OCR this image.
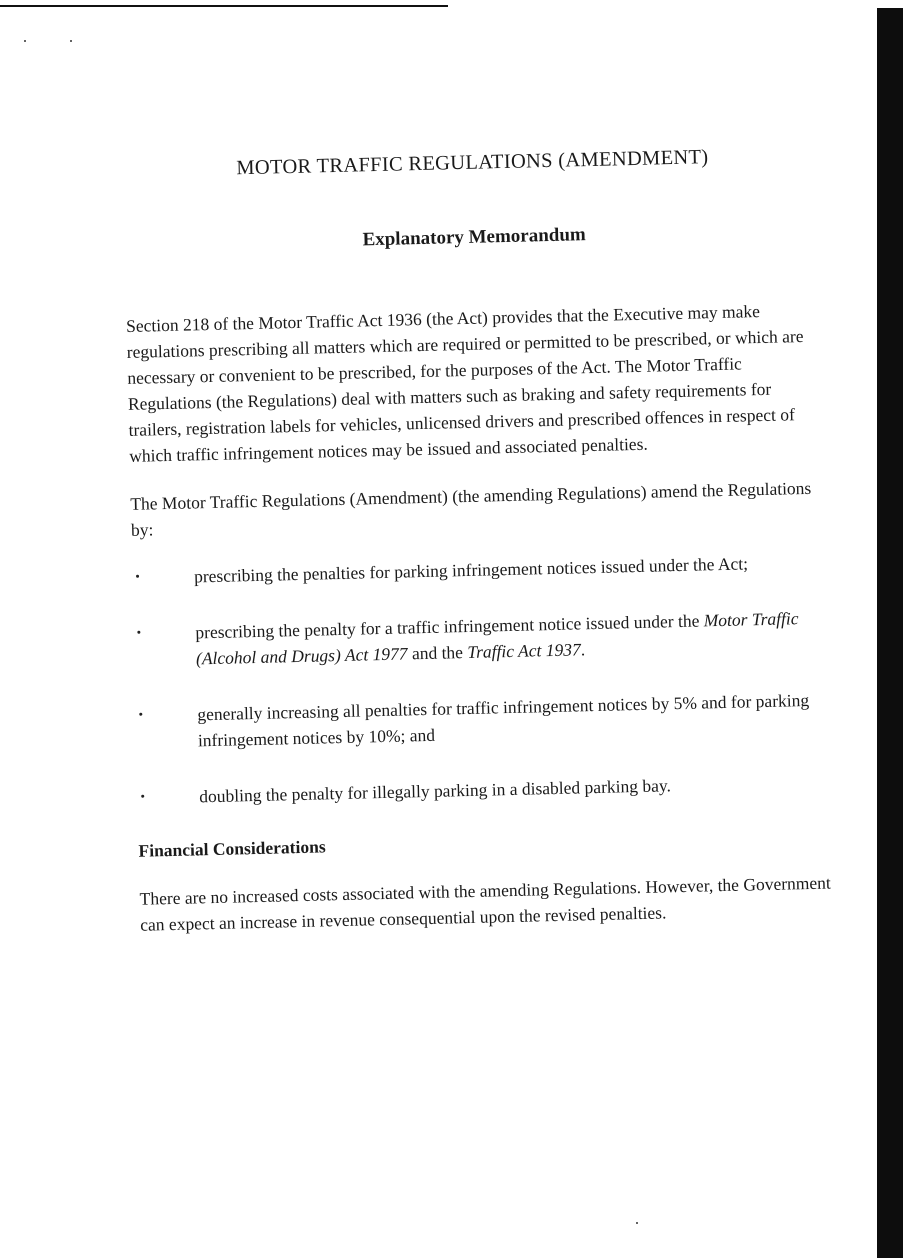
MOTOR TRAFFIC REGULATIONS (AMENDMENT)
Explanatory Memorandum

Section 218 of the Motor Traffic Act 1936 (the Act) provides that the Executive may make regulations prescribing all matters which are required or permitted to be prescribed, or which are necessary or convenient to be prescribed, for the purposes of the Act. The Motor Traffic Regulations (the Regulations) deal with matters such as braking and safety requirements for trailers, registration labels for vehicles, unlicensed drivers and prescribed offences in respect of which traffic infringement notices may be issued and associated penalties.

The Motor Traffic Regulations (Amendment) (the amending Regulations) amend the Regulations by:

prescribing the penalties for parking infringement notices issued under the Act;
prescribing the penalty for a traffic infringement notice issued under the Motor Traffic (Alcohol and Drugs) Act 1977 and the Traffic Act 1937.
generally increasing all penalties for traffic infringement notices by 5% and for parking infringement notices by 10%; and
doubling the penalty for illegally parking in a disabled parking bay.
Financial Considerations

There are no increased costs associated with the amending Regulations. However, the Government can expect an increase in revenue consequential upon the revised penalties.
